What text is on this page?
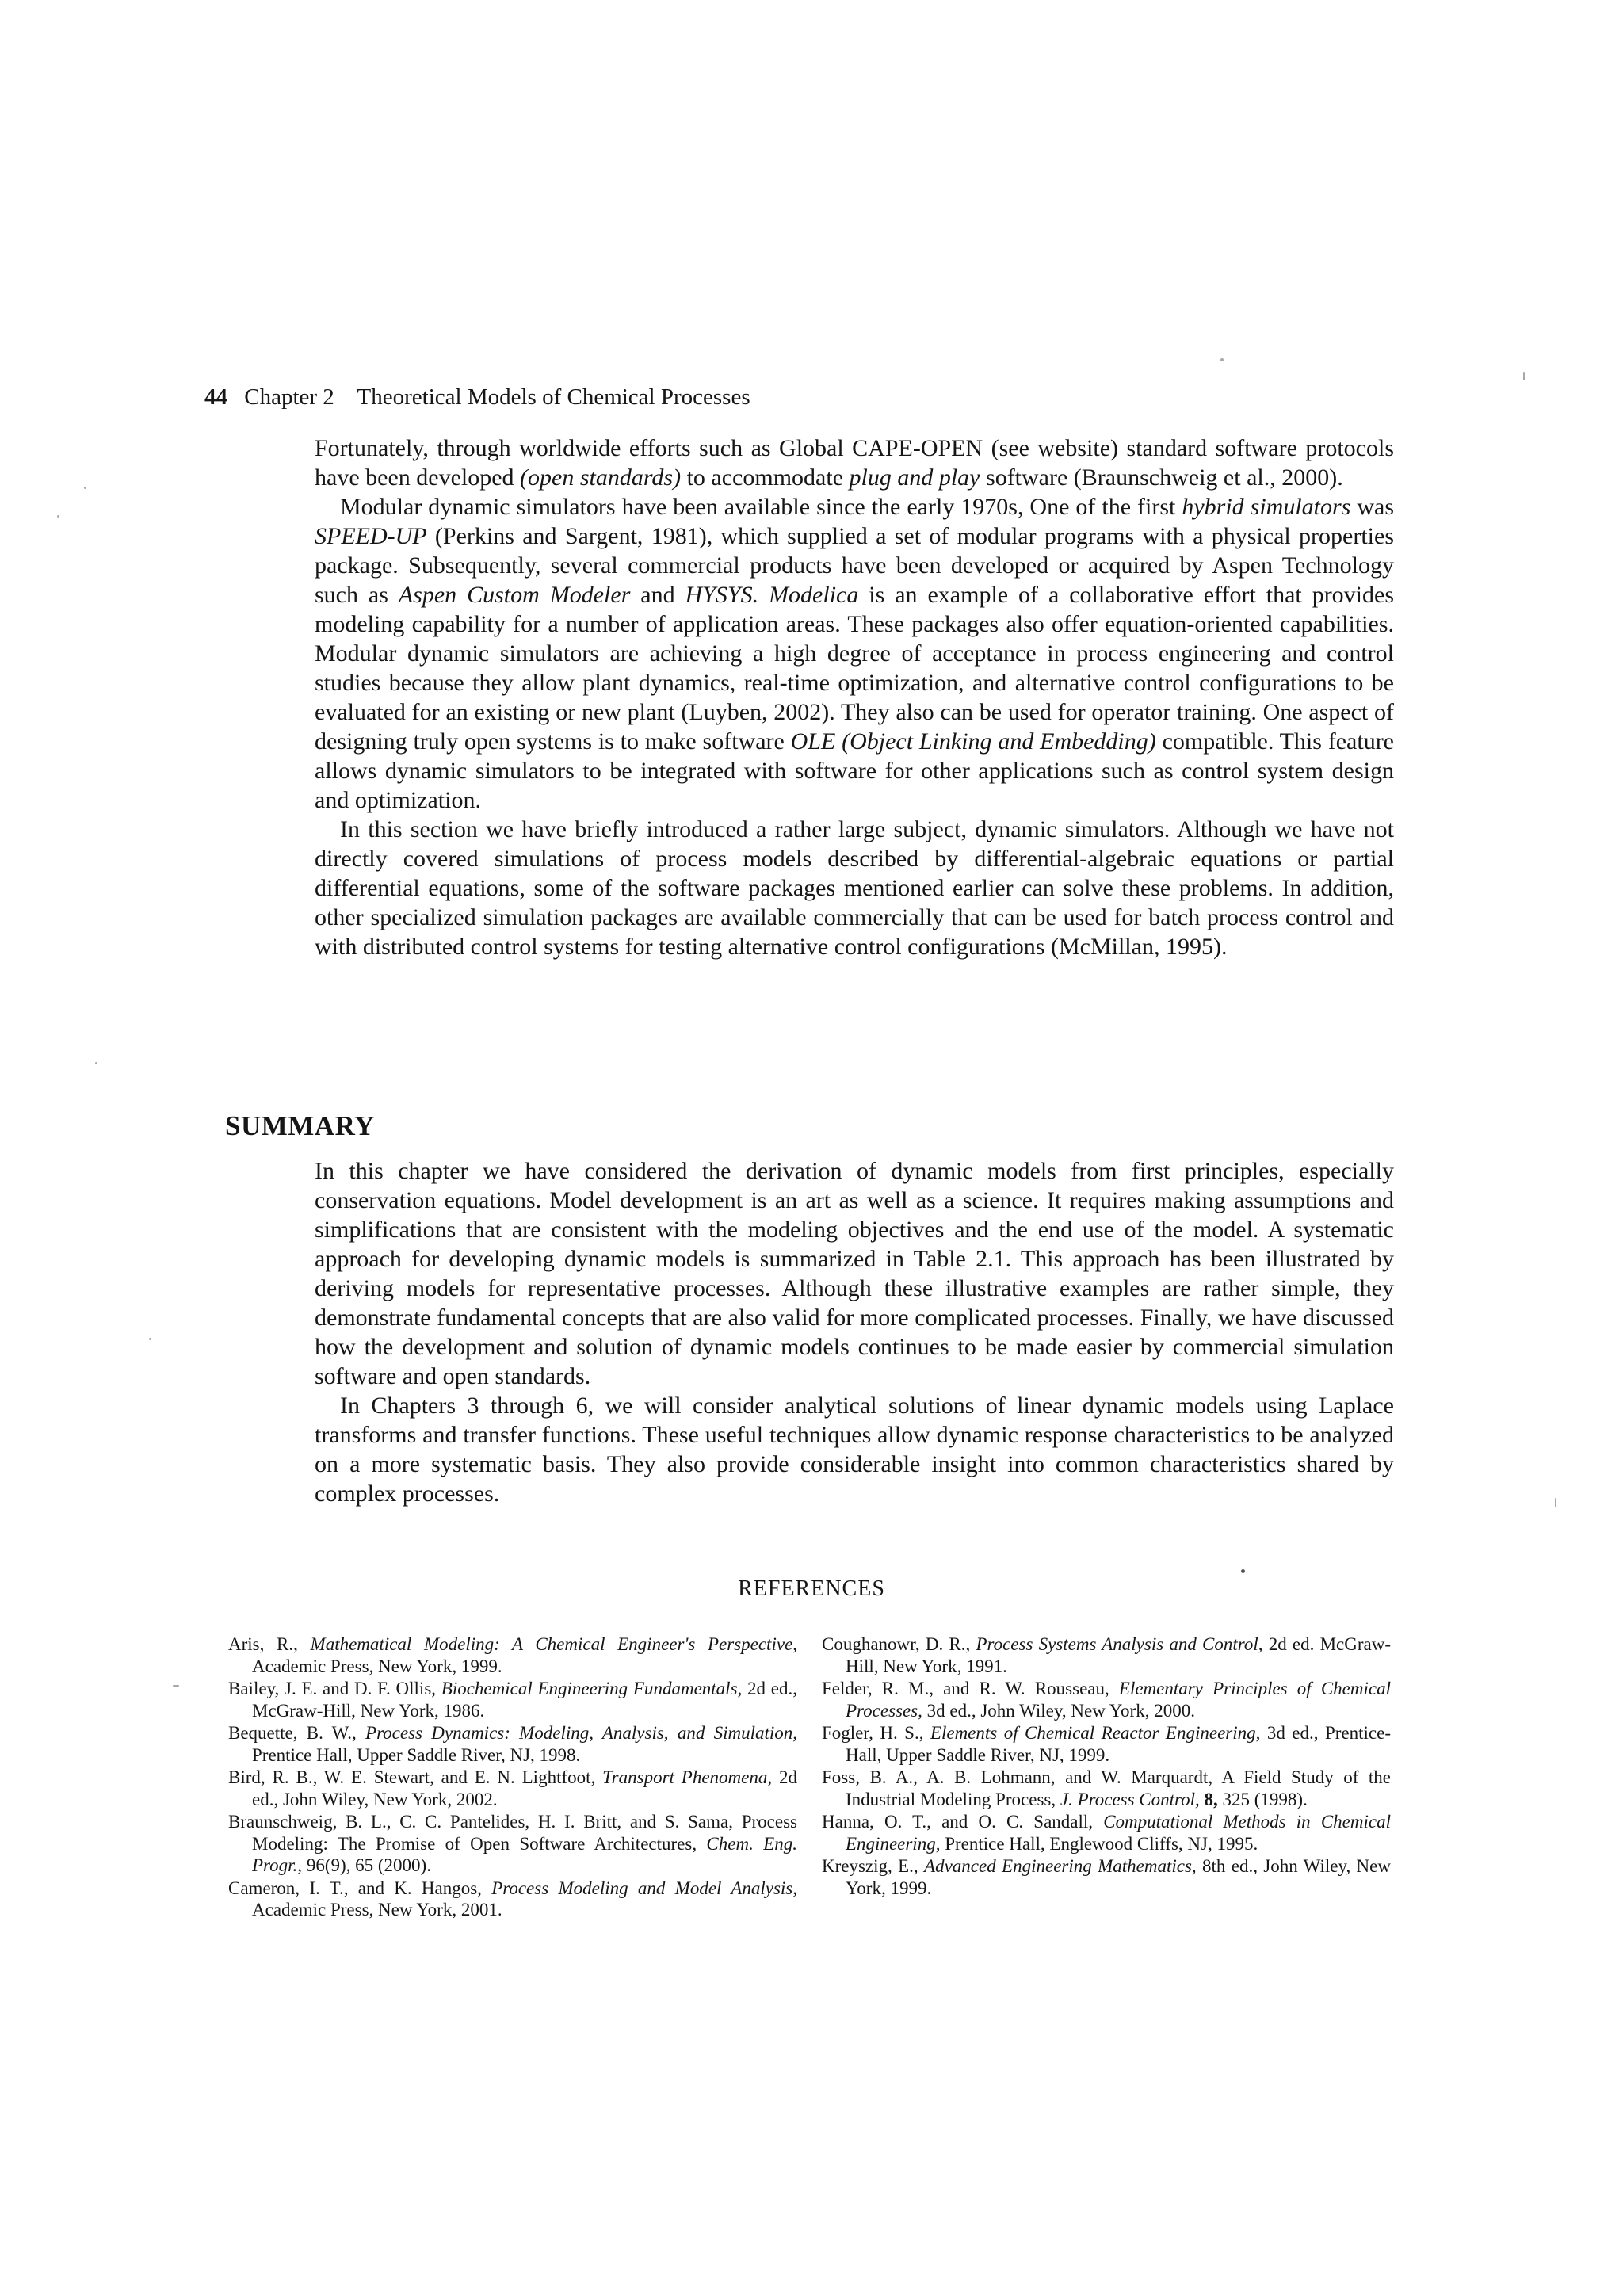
44 Chapter 2 Theoretical Models of Chemical Processes

Fortunately, through worldwide efforts such as Global CAPE-OPEN (see website) standard software protocols have been developed (open standards) to accommodate plug and play software (Braunschweig et al., 2000).

Modular dynamic simulators have been available since the early 1970s, One of the first hybrid simulators was SPEED-UP (Perkins and Sargent, 1981), which supplied a set of modular programs with a physical properties package. Subsequently, several commercial products have been developed or acquired by Aspen Technology such as Aspen Custom Modeler and HYSYS. Modelica is an example of a collaborative effort that provides modeling capability for a number of application areas. These packages also offer equation-oriented capabilities. Modular dynamic simulators are achieving a high degree of acceptance in process engineering and control studies because they allow plant dynamics, real-time optimization, and alternative control configurations to be evaluated for an existing or new plant (Luyben, 2002). They also can be used for operator training. One aspect of designing truly open systems is to make software OLE (Object Linking and Embedding) compatible. This feature allows dynamic simulators to be integrated with software for other applications such as control system design and optimization.

In this section we have briefly introduced a rather large subject, dynamic simulators. Although we have not directly covered simulations of process models described by differential-algebraic equations or partial differential equations, some of the software packages mentioned earlier can solve these problems. In addition, other specialized simulation packages are available commercially that can be used for batch process control and with distributed control systems for testing alternative control configurations (McMillan, 1995).

SUMMARY

In this chapter we have considered the derivation of dynamic models from first principles, especially conservation equations. Model development is an art as well as a science. It requires making assumptions and simplifications that are consistent with the modeling objectives and the end use of the model. A systematic approach for developing dynamic models is summarized in Table 2.1. This approach has been illustrated by deriving models for representative processes. Although these illustrative examples are rather simple, they demonstrate fundamental concepts that are also valid for more complicated processes. Finally, we have discussed how the development and solution of dynamic models continues to be made easier by commercial simulation software and open standards.

In Chapters 3 through 6, we will consider analytical solutions of linear dynamic models using Laplace transforms and transfer functions. These useful techniques allow dynamic response characteristics to be analyzed on a more systematic basis. They also provide considerable insight into common characteristics shared by complex processes.

REFERENCES
Aris, R., Mathematical Modeling: A Chemical Engineer's Perspective, Academic Press, New York, 1999.
Bailey, J. E. and D. F. Ollis, Biochemical Engineering Fundamentals, 2d ed., McGraw-Hill, New York, 1986.
Bequette, B. W., Process Dynamics: Modeling, Analysis, and Simulation, Prentice Hall, Upper Saddle River, NJ, 1998.
Bird, R. B., W. E. Stewart, and E. N. Lightfoot, Transport Phenomena, 2d ed., John Wiley, New York, 2002.
Braunschweig, B. L., C. C. Pantelides, H. I. Britt, and S. Sama, Process Modeling: The Promise of Open Software Architectures, Chem. Eng. Progr., 96(9), 65 (2000).
Cameron, I. T., and K. Hangos, Process Modeling and Model Analysis, Academic Press, New York, 2001.
Coughanowr, D. R., Process Systems Analysis and Control, 2d ed. McGraw-Hill, New York, 1991.
Felder, R. M., and R. W. Rousseau, Elementary Principles of Chemical Processes, 3d ed., John Wiley, New York, 2000.
Fogler, H. S., Elements of Chemical Reactor Engineering, 3d ed., Prentice-Hall, Upper Saddle River, NJ, 1999.
Foss, B. A., A. B. Lohmann, and W. Marquardt, A Field Study of the Industrial Modeling Process, J. Process Control, 8, 325 (1998).
Hanna, O. T., and O. C. Sandall, Computational Methods in Chemical Engineering, Prentice Hall, Englewood Cliffs, NJ, 1995.
Kreyszig, E., Advanced Engineering Mathematics, 8th ed., John Wiley, New York, 1999.
